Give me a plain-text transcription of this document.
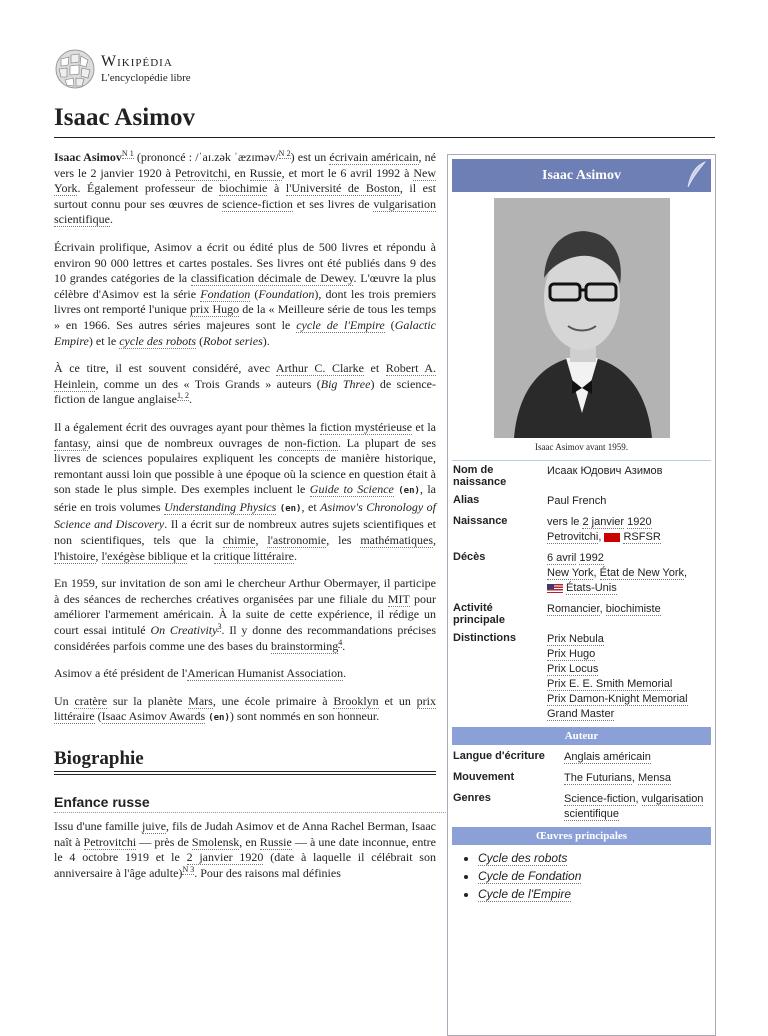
Wikipédia
L'encyclopédie libre
Isaac Asimov

Isaac Asimov$^{N 1}$ (prononcé : /ˈaɪ.zək ˈæzɪməv/$^{N 2}$) est un écrivain américain, né vers le 2 janvier 1920 à Petrovitchi, en Russie, et mort le 6 avril 1992 à New York. Également professeur de biochimie à l'Université de Boston, il est surtout connu pour ses œuvres de science-fiction et ses livres de vulgarisation scientifique.

Écrivain prolifique, Asimov a écrit ou édité plus de 500 livres et répondu à environ 90 000 lettres et cartes postales. Ses livres ont été publiés dans 9 des 10 grandes catégories de la classification décimale de Dewey. L'œuvre la plus célèbre d'Asimov est la série Fondation (Foundation), dont les trois premiers livres ont remporté l'unique prix Hugo de la « Meilleure série de tous les temps » en 1966. Ses autres séries majeures sont le cycle de l'Empire (Galactic Empire) et le cycle des robots (Robot series).

À ce titre, il est souvent considéré, avec Arthur C. Clarke et Robert A. Heinlein, comme un des « Trois Grands » auteurs (Big Three) de science-fiction de langue anglaise$^{1, 2}$.

Il a également écrit des ouvrages ayant pour thèmes la fiction mystérieuse et la fantasy, ainsi que de nombreux ouvrages de non-fiction. La plupart de ses livres de sciences populaires expliquent les concepts de manière historique, remontant aussi loin que possible à une époque où la science en question était à son stade le plus simple. Des exemples incluent le Guide to Science (en), la série en trois volumes Understanding Physics (en), et Asimov's Chronology of Science and Discovery. Il a écrit sur de nombreux autres sujets scientifiques et non scientifiques, tels que la chimie, l'astronomie, les mathématiques, l'histoire, l'exégèse biblique et la critique littéraire.

En 1959, sur invitation de son ami le chercheur Arthur Obermayer, il participe à des séances de recherches créatives organisées par une filiale du MIT pour améliorer l'armement américain. À la suite de cette expérience, il rédige un court essai intitulé On Creativity$^3$. Il y donne des recommandations précises considérées parfois comme une des bases du brainstorming$^4$.

Asimov a été président de l'American Humanist Association.

Un cratère sur la planète Mars, une école primaire à Brooklyn et un prix littéraire (Isaac Asimov Awards (en)) sont nommés en son honneur.

Biographie
Enfance russe

Issu d'une famille juive, fils de Judah Asimov et de Anna Rachel Berman, Isaac naît à Petrovitchi — près de Smolensk, en Russie — à une date inconnue, entre le 4 octobre 1919 et le 2 janvier 1920 (date à laquelle il célébrait son anniversaire à l'âge adulte)$^{N 3}$. Pour des raisons mal définies

Isaac Asimov
Isaac Asimov avant 1959.
Nom de naissance	Исаак Юдович Азимов
Alias	Paul French
Naissance	vers le 2 janvier 1920
Petrovitchi, RSFSR
Décès	6 avril 1992
New York, État de New York,
États-Unis
Activité principale	Romancier, biochimiste
Distinctions	Prix Nebula
Prix Hugo
Prix Locus
Prix E. E. Smith Memorial
Prix Damon-Knight Memorial Grand Master
Auteur
Langue d'écriture	Anglais américain
Mouvement	The Futurians, Mensa
Genres	Science-fiction, vulgarisation scientifique
Œuvres principales
• Cycle des robots
• Cycle de Fondation
• Cycle de l'Empire
